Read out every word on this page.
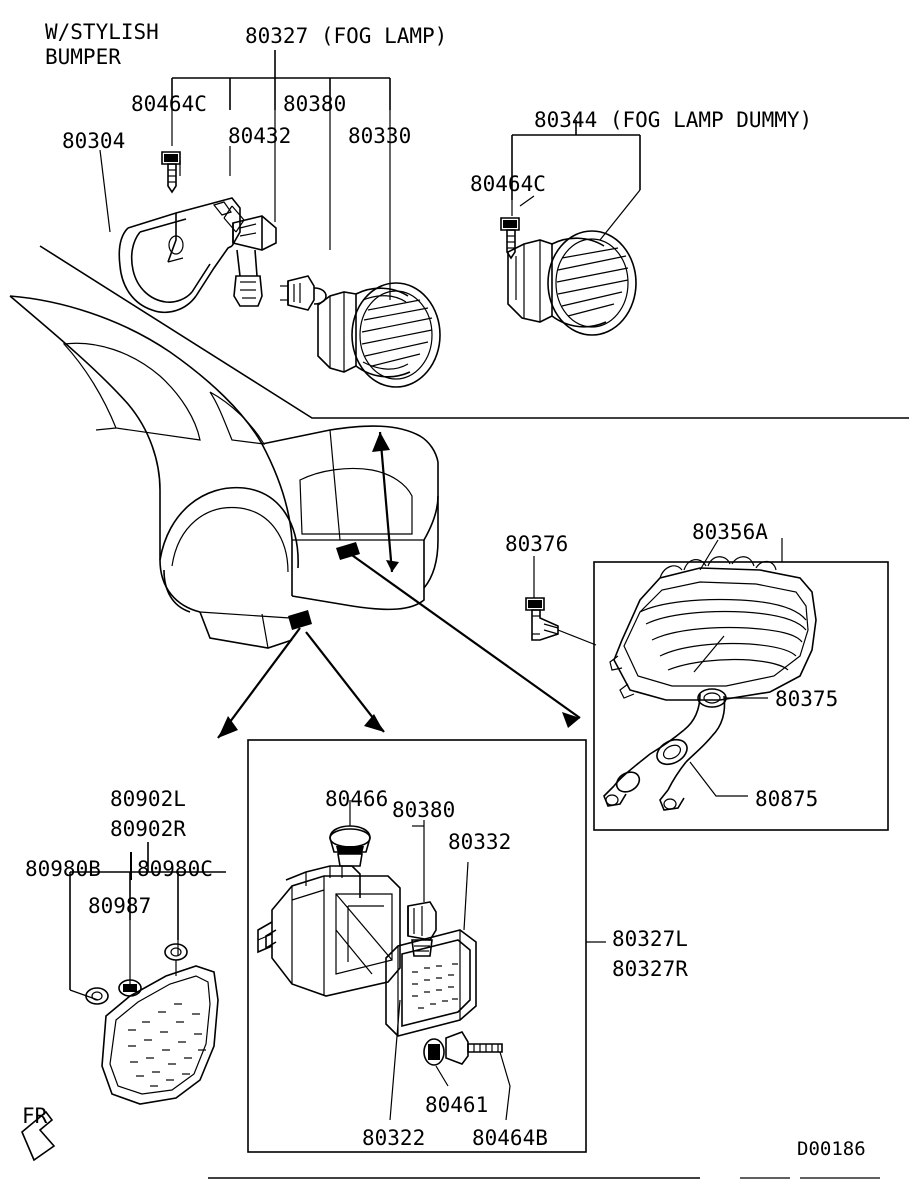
W/STYLISH
BUMPER
80327 (FOG LAMP)
80464C	80380
80432	80330
80304
80344 (FOG LAMP DUMMY)
80464C
80376	80356A
80375
80875
80902L
80902R
80466 80380
80332
80980B 80980C
80987
80327L
80327R
80461
80322 80464B	D00186
FR
